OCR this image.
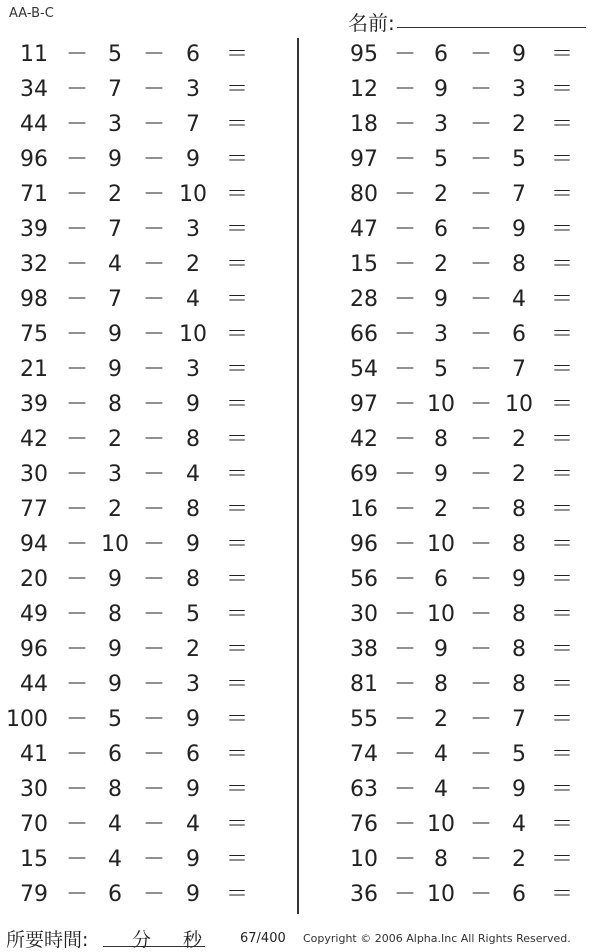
AA-B-C	名前:
11 － 5 － 6	＝
34 － 7 － 3	＝
44 － 3 － 7	＝
96 － 9 － 9	＝
71 － 2 － 10 ＝
39 － 7 － 3	＝
32 － 4 － 2	＝
98 － 7 － 4	＝
75 － 9 － 10 ＝
21 － 9 － 3	＝
39 － 8 － 9	＝
42 － 2 － 8	＝
30 － 3 － 4	＝
77 － 2 － 8	＝
94 － 10 － 9	＝
20 － 9 － 8	＝
49 － 8 － 5	＝
96 － 9 － 2	＝
44 － 9 － 3	＝
100 － 5 － 9	＝
41 － 6 － 6	＝
30 － 8 － 9	＝
70 － 4 － 4	＝
15 － 4 － 9	＝
79 － 6 － 9	＝
95 － 6	－ 9	＝
12 － 9	－ 3	＝
18 － 3	－ 2	＝
97 － 5	－ 5	＝
80 － 2	－ 7	＝
47 － 6	－ 9	＝
15 － 2	－ 8	＝
28 － 9	－ 4	＝
66 － 3	－ 6	＝
54 － 5	－ 7	＝
97 － 10 － 10 ＝
42 － 8	－ 2	＝
69 － 9	－ 2	＝
16 － 2	－ 8	＝
96 － 10 － 8	＝
56 － 6	－ 9	＝
30 － 10 － 8	＝
38 － 9	－ 8	＝
81 － 8	－ 8	＝
55 － 2	－ 7	＝
74 － 4	－ 5	＝
63 － 4	－ 9	＝
76 － 10 － 4	＝
10 － 8	－ 2	＝
36 － 10 － 6	＝
所要時間: 分 秒	67/400 Copyright © 2006 Alpha.Inc All Rights Reserved.
